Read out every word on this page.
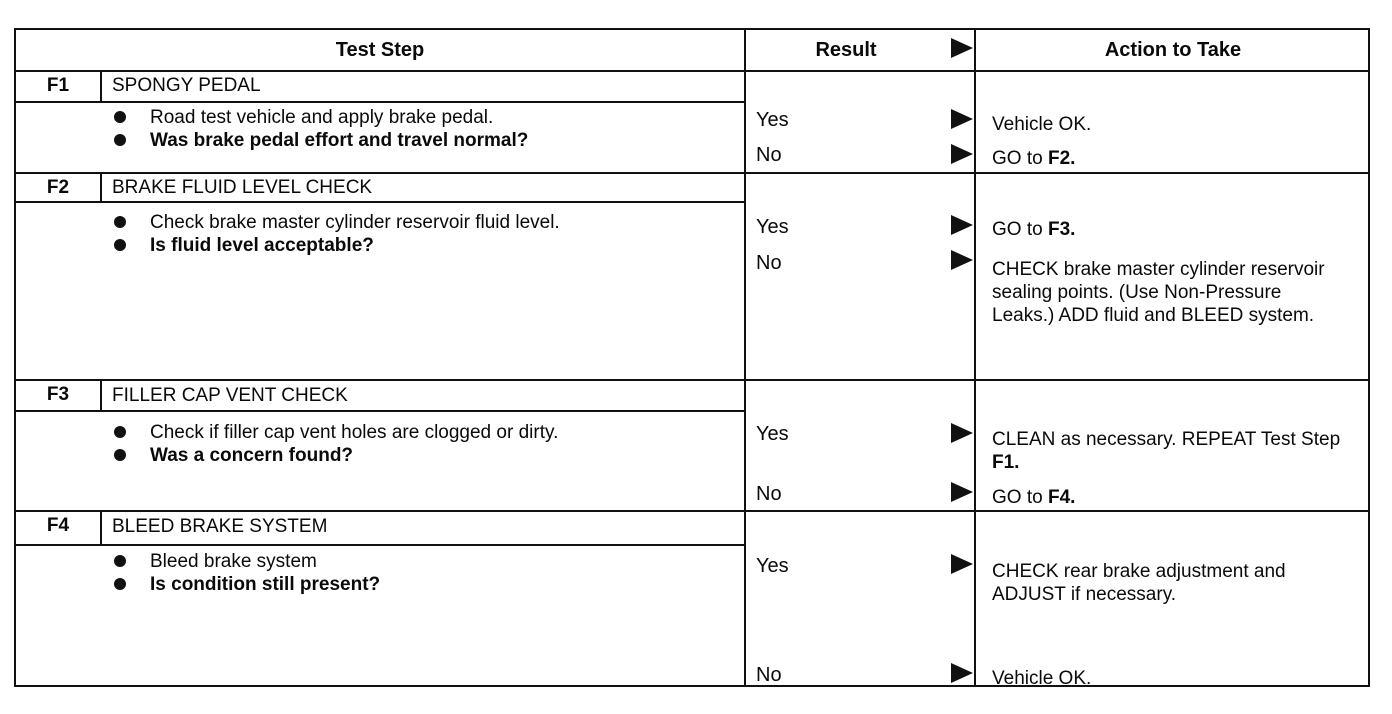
Test Step	Result	Action to Take
F1	SPONGY PEDAL
Road test vehicle and apply brake pedal.
Was brake pedal effort and travel normal?
Yes	Vehicle OK.
No	GO to F2.
F2	BRAKE FLUID LEVEL CHECK
Check brake master cylinder reservoir fluid level.
Is fluid level acceptable?
Yes	GO to F3.
No	CHECK brake master cylinder reservoir sealing points. (Use Non-Pressure Leaks.) ADD fluid and BLEED system.
F3	FILLER CAP VENT CHECK
Check if filler cap vent holes are clogged or dirty.
Was a concern found?
Yes	CLEAN as necessary. REPEAT Test Step F1.
No	GO to F4.
F4	BLEED BRAKE SYSTEM
Bleed brake system
Is condition still present?
Yes	CHECK rear brake adjustment and ADJUST if necessary.
No	Vehicle OK.
